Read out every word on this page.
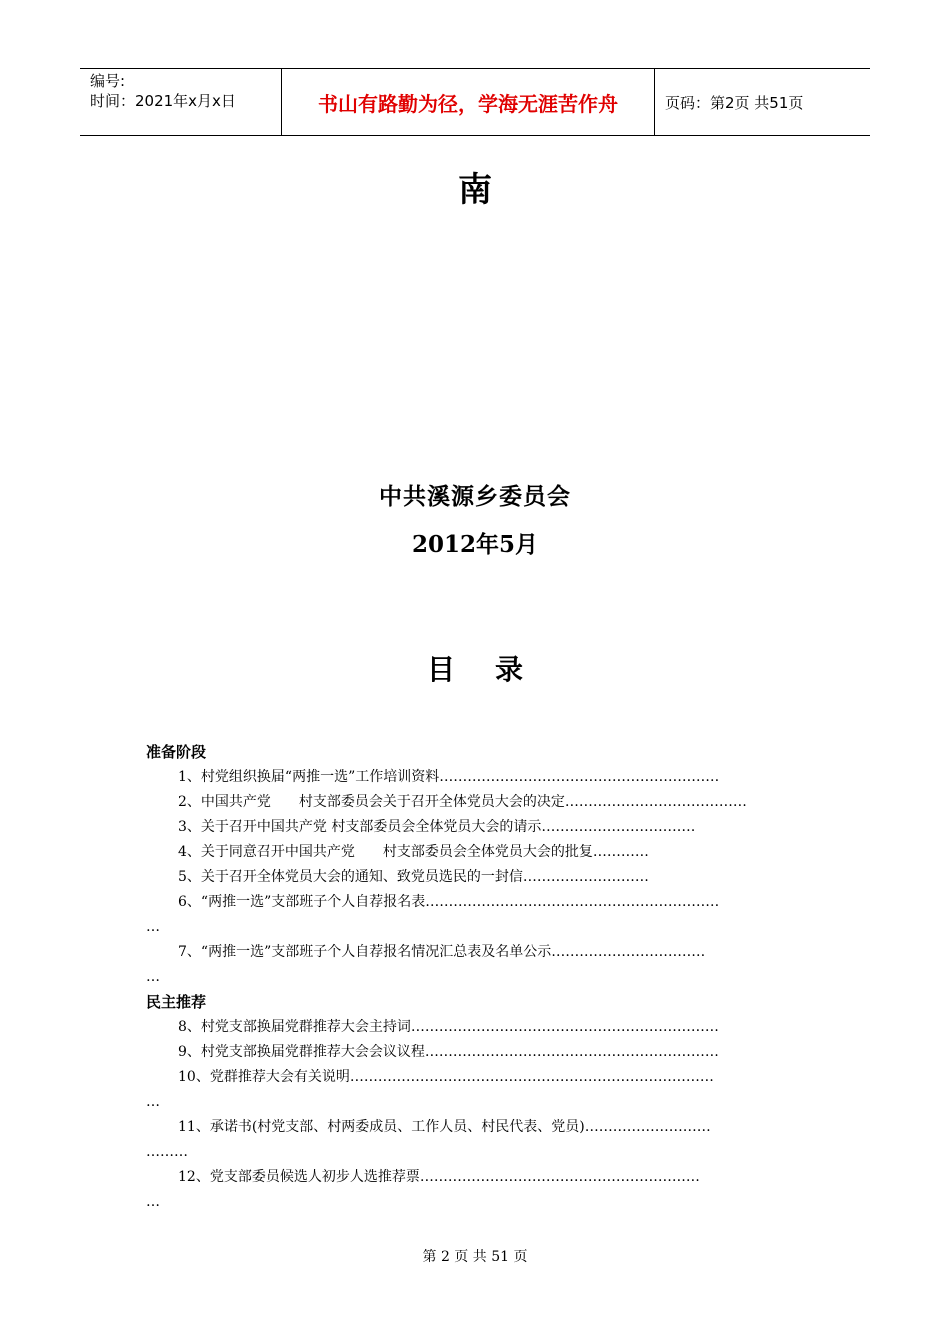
编号:
时间：2021年x月x日	书山有路勤为径，学海无涯苦作舟	页码：第2页 共51页
南
中共溪源乡委员会
2012年5月
目录
准备阶段
1、村党组织换届“两推一选”工作培训资料……………………………………………………
2、中国共产党　　村支部委员会关于召开全体党员大会的决定…………………………………
3、关于召开中国共产党 村支部委员会全体党员大会的请示……………………………
4、关于同意召开中国共产党　　村支部委员会全体党员大会的批复…………
5、关于召开全体党员大会的通知、致党员选民的一封信………………………
6、“两推一选”支部班子个人自荐报名表………………………………………………………
…
7、“两推一选”支部班子个人自荐报名情况汇总表及名单公示……………………………
…
民主推荐
8、村党支部换届党群推荐大会主持词…………………………………………………………
9、村党支部换届党群推荐大会会议议程………………………………………………………
10、党群推荐大会有关说明……………………………………………………………………
…
11、承诺书(村党支部、村两委成员、工作人员、村民代表、党员)………………………
………
12、党支部委员候选人初步人选推荐票……………………………………………………
…
第 2 页 共 51 页
